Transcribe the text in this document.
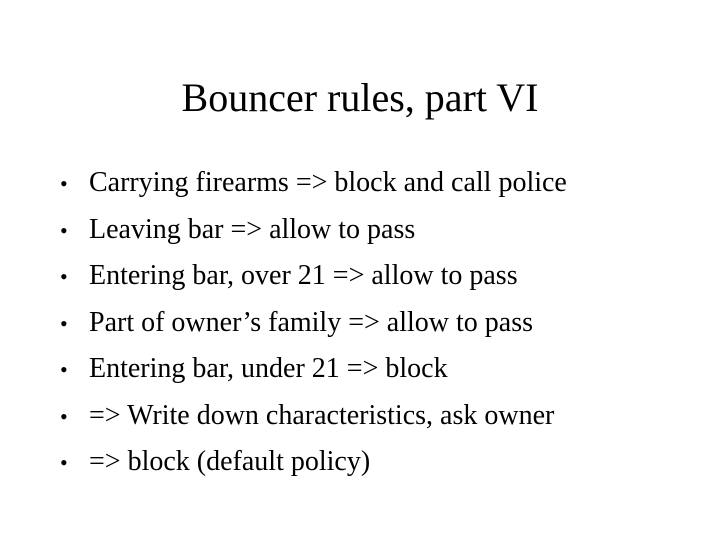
Bouncer rules, part VI
• Carrying firearms => block and call police
• Leaving bar => allow to pass
• Entering bar, over 21 => allow to pass
• Part of owner’s family => allow to pass
• Entering bar, under 21 => block
• => Write down characteristics, ask owner
• => block (default policy)
